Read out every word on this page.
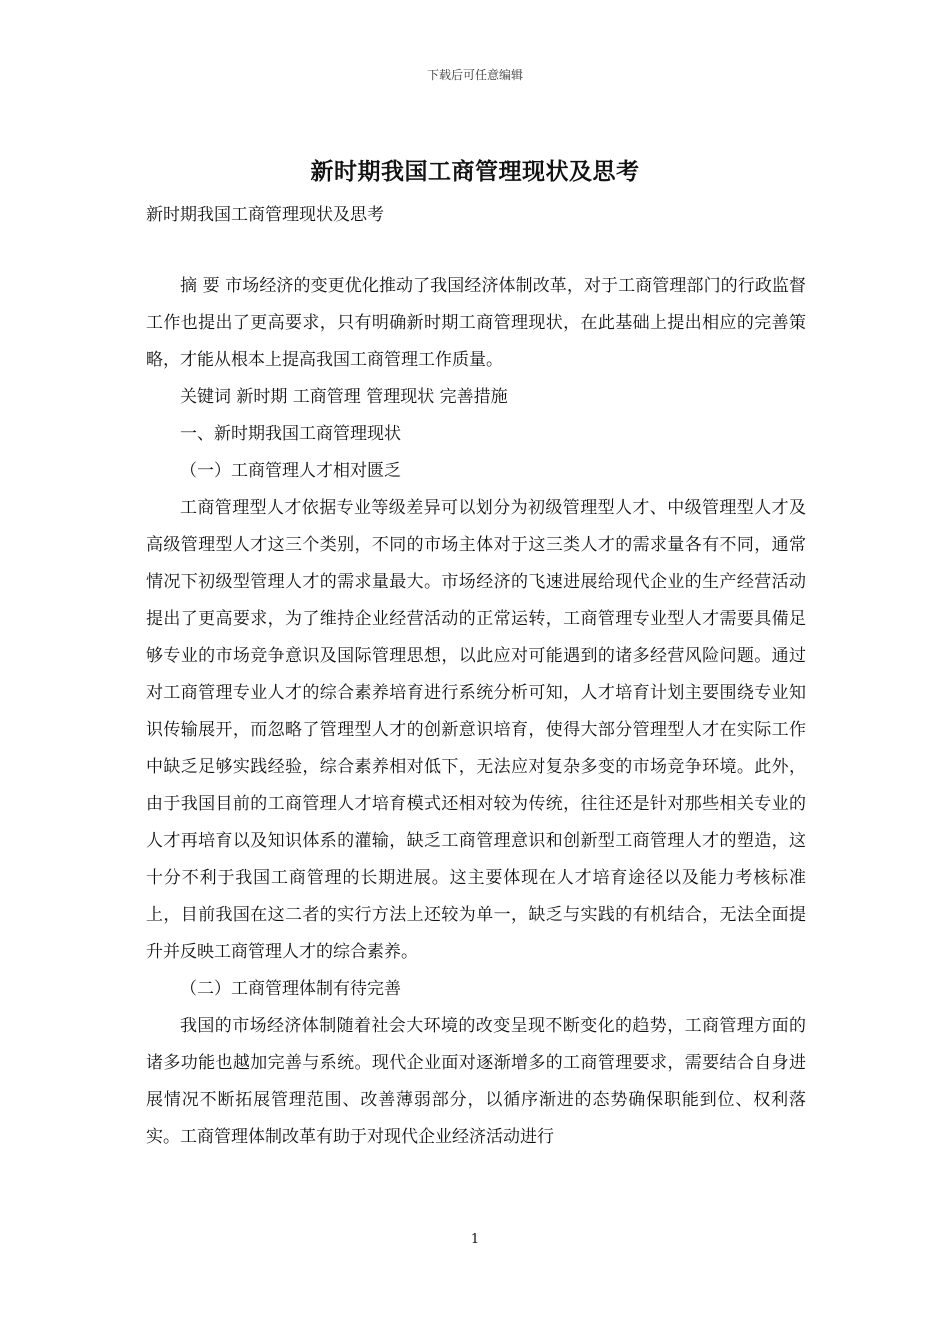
下载后可任意编辑
新时期我国工商管理现状及思考
新时期我国工商管理现状及思考

摘 要 市场经济的变更优化推动了我国经济体制改革，对于工商管理部门的行政监督工作也提出了更高要求，只有明确新时期工商管理现状，在此基础上提出相应的完善策略，才能从根本上提高我国工商管理工作质量。

关键词 新时期 工商管理 管理现状 完善措施

一、新时期我国工商管理现状

（一）工商管理人才相对匮乏

工商管理型人才依据专业等级差异可以划分为初级管理型人才、中级管理型人才及高级管理型人才这三个类别，不同的市场主体对于这三类人才的需求量各有不同，通常情况下初级型管理人才的需求量最大。市场经济的飞速进展给现代企业的生产经营活动提出了更高要求，为了维持企业经营活动的正常运转，工商管理专业型人才需要具備足够专业的市场竞争意识及国际管理思想，以此应对可能遇到的诸多经营风险问题。通过对工商管理专业人才的综合素养培育进行系统分析可知，人才培育计划主要围绕专业知识传输展开，而忽略了管理型人才的创新意识培育，使得大部分管理型人才在实际工作中缺乏足够实践经验，综合素养相对低下，无法应对复杂多变的市场竞争环境。此外，由于我国目前的工商管理人才培育模式还相对较为传统，往往还是针对那些相关专业的人才再培育以及知识体系的灌输，缺乏工商管理意识和创新型工商管理人才的塑造，这十分不利于我国工商管理的长期进展。这主要体现在人才培育途径以及能力考核标准上，目前我国在这二者的实行方法上还较为单一，缺乏与实践的有机结合，无法全面提升并反映工商管理人才的综合素养。

（二）工商管理体制有待完善

我国的市场经济体制随着社会大环境的改变呈现不断变化的趋势，工商管理方面的诸多功能也越加完善与系统。现代企业面对逐渐增多的工商管理要求，需要结合自身进展情况不断拓展管理范围、改善薄弱部分，以循序渐进的态势确保职能到位、权利落实。工商管理体制改革有助于对现代企业经济活动进行

1
